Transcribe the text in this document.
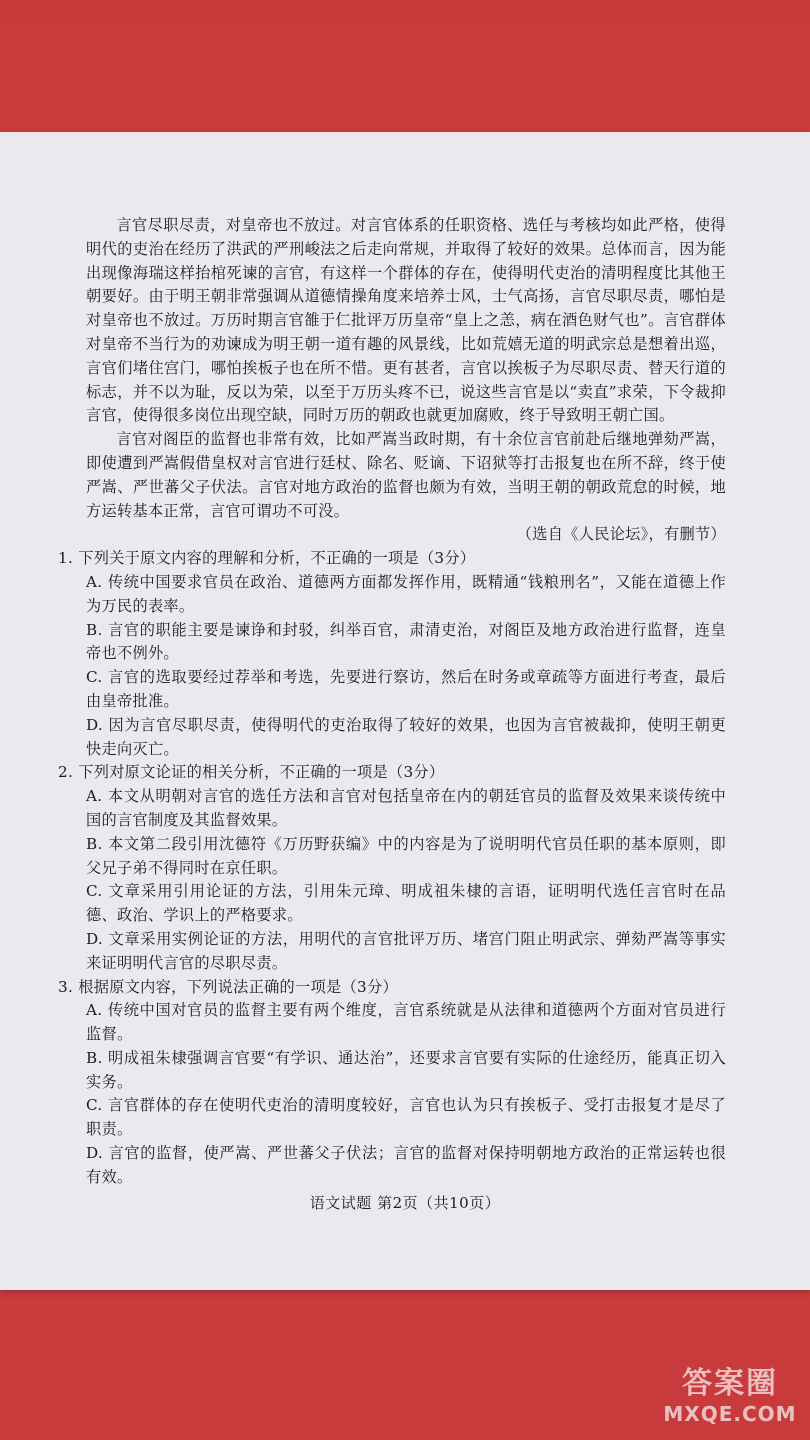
言官尽职尽责，对皇帝也不放过。对言官体系的任职资格、选任与考核均如此严格，使得明代的吏治在经历了洪武的严刑峻法之后走向常规，并取得了较好的效果。总体而言，因为能出现像海瑞这样抬棺死谏的言官，有这样一个群体的存在，使得明代吏治的清明程度比其他王朝要好。由于明王朝非常强调从道德情操角度来培养士风，士气高扬，言官尽职尽责，哪怕是对皇帝也不放过。万历时期言官雒于仁批评万历皇帝“皇上之恙，病在酒色财气也”。言官群体对皇帝不当行为的劝谏成为明王朝一道有趣的风景线，比如荒嬉无道的明武宗总是想着出巡，言官们堵住宫门，哪怕挨板子也在所不惜。更有甚者，言官以挨板子为尽职尽责、替天行道的标志，并不以为耻，反以为荣，以至于万历头疼不已，说这些言官是以“卖直”求荣，下令裁抑言官，使得很多岗位出现空缺，同时万历的朝政也就更加腐败，终于导致明王朝亡国。

言官对阁臣的监督也非常有效，比如严嵩当政时期，有十余位言官前赴后继地弹劾严嵩，即使遭到严嵩假借皇权对言官进行廷杖、除名、贬谪、下诏狱等打击报复也在所不辞，终于使严嵩、严世蕃父子伏法。言官对地方政治的监督也颇为有效，当明王朝的朝政荒怠的时候，地方运转基本正常，言官可谓功不可没。

（选自《人民论坛》，有删节）

1. 下列关于原文内容的理解和分析，不正确的一项是（3分）

A. 传统中国要求官员在政治、道德两方面都发挥作用，既精通“钱粮刑名”，又能在道德上作为万民的表率。

B. 言官的职能主要是谏诤和封驳，纠举百官，肃清吏治，对阁臣及地方政治进行监督，连皇帝也不例外。

C. 言官的选取要经过荐举和考选，先要进行察访，然后在时务或章疏等方面进行考查，最后由皇帝批准。

D. 因为言官尽职尽责，使得明代的吏治取得了较好的效果，也因为言官被裁抑，使明王朝更快走向灭亡。

2. 下列对原文论证的相关分析，不正确的一项是（3分）

A. 本文从明朝对言官的选任方法和言官对包括皇帝在内的朝廷官员的监督及效果来谈传统中国的言官制度及其监督效果。

B. 本文第二段引用沈德符《万历野获编》中的内容是为了说明明代官员任职的基本原则，即父兄子弟不得同时在京任职。

C. 文章采用引用论证的方法，引用朱元璋、明成祖朱棣的言语，证明明代选任言官时在品德、政治、学识上的严格要求。

D. 文章采用实例论证的方法，用明代的言官批评万历、堵宫门阻止明武宗、弹劾严嵩等事实来证明明代言官的尽职尽责。

3. 根据原文内容，下列说法正确的一项是（3分）

A. 传统中国对官员的监督主要有两个维度，言官系统就是从法律和道德两个方面对官员进行监督。

B. 明成祖朱棣强调言官要“有学识、通达治”，还要求言官要有实际的仕途经历，能真正切入实务。

C. 言官群体的存在使明代吏治的清明度较好，言官也认为只有挨板子、受打击报复才是尽了职责。

D. 言官的监督，使严嵩、严世蕃父子伏法；言官的监督对保持明朝地方政治的正常运转也很有效。

语文试题 第2页（共10页）
答案圈
MXQE.COM
